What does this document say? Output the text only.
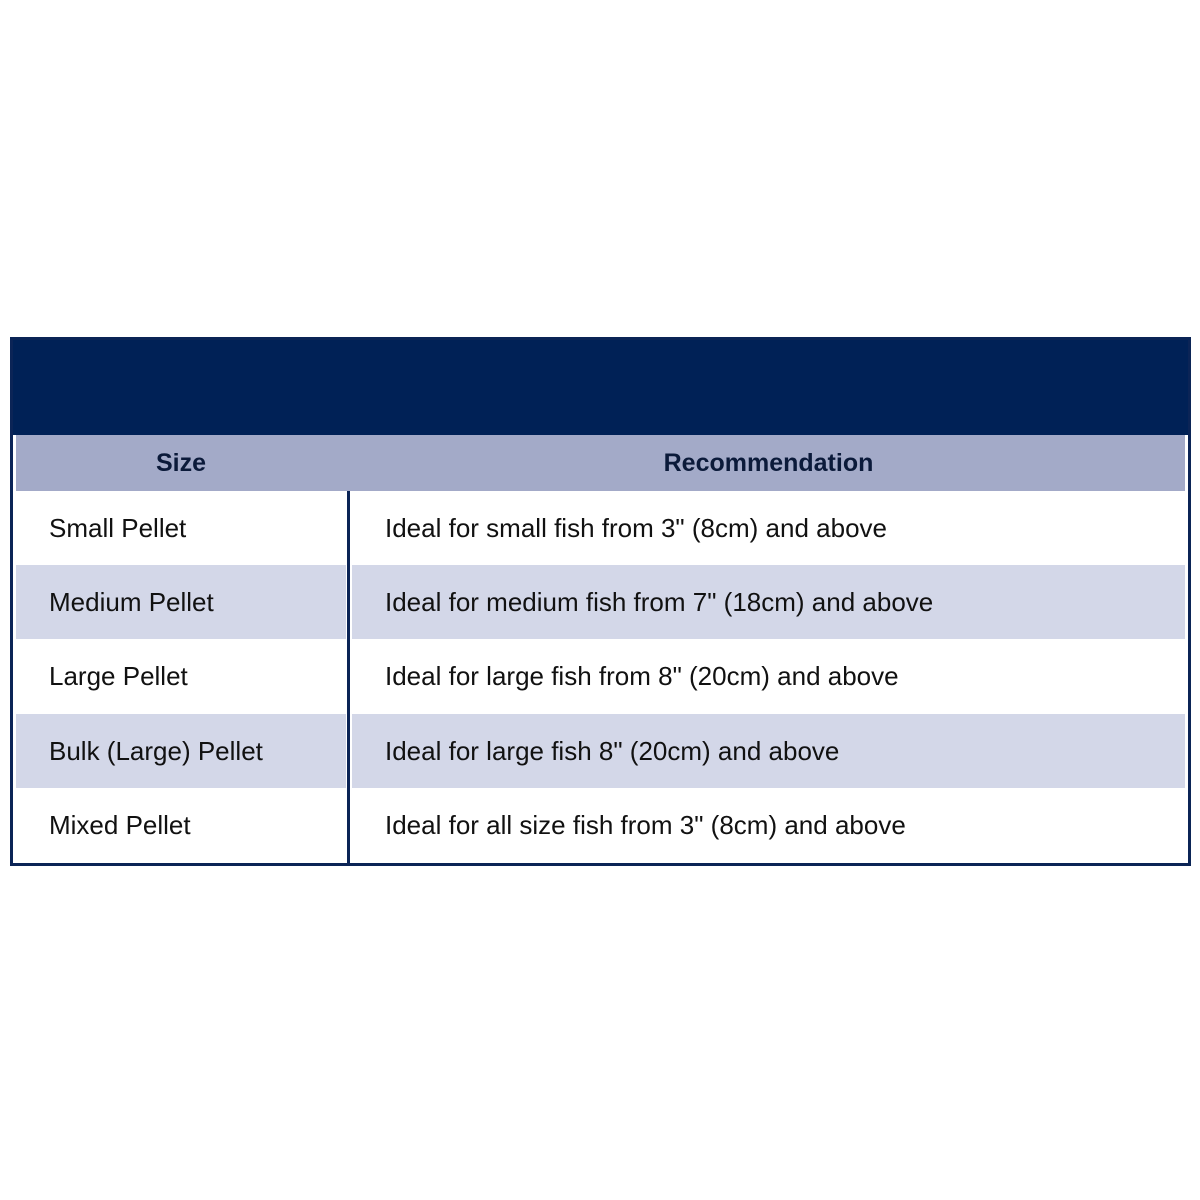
Size	Recommendation
Small Pellet	Ideal for small fish from 3" (8cm) and above
Medium Pellet	Ideal for medium fish from 7" (18cm) and above
Large Pellet	Ideal for large fish from 8" (20cm) and above
Bulk (Large) Pellet	Ideal for large fish 8" (20cm) and above
Mixed Pellet	Ideal for all size fish from 3" (8cm) and above
